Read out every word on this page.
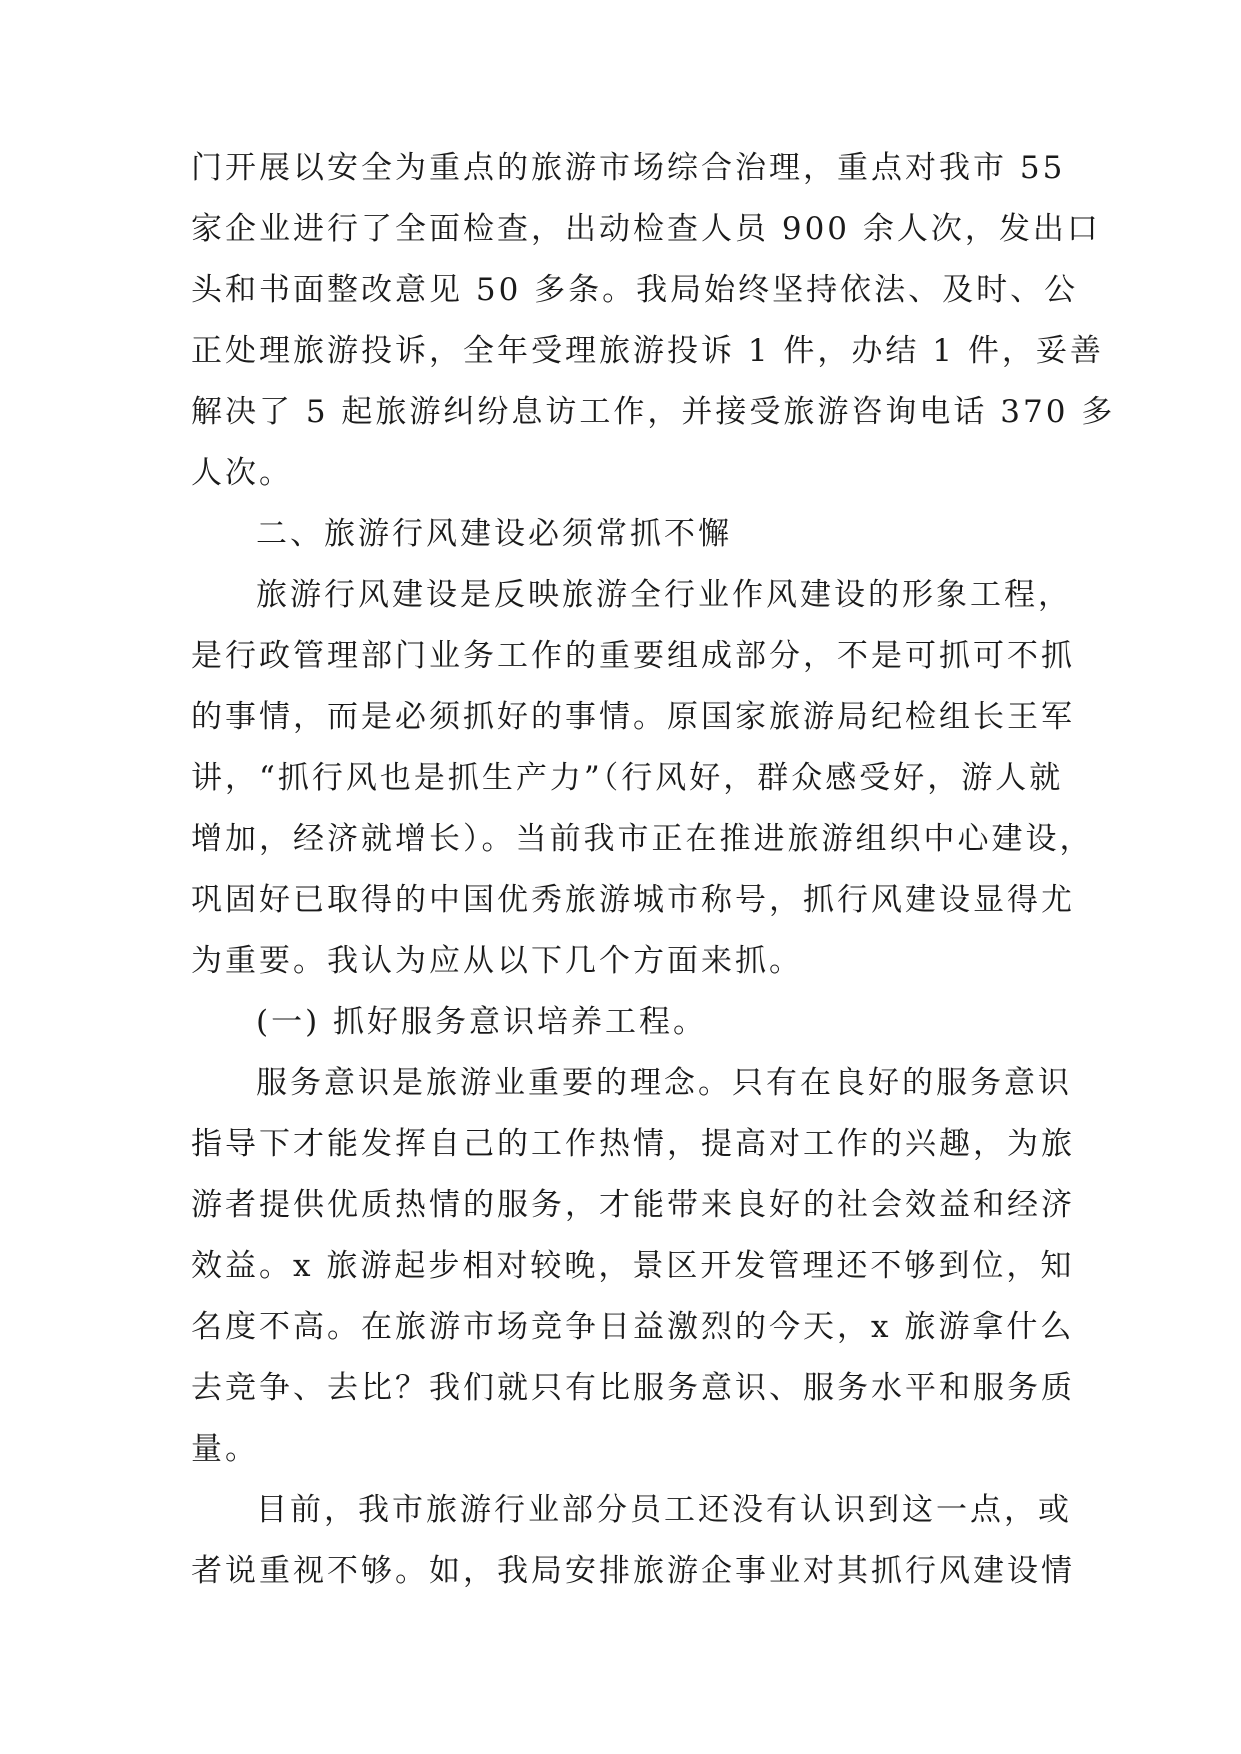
门开展以安全为重点的旅游市场综合治理，重点对我市 55
家企业进行了全面检查，出动检查人员 900 余人次，发出口
头和书面整改意见 50 多条。我局始终坚持依法、及时、公
正处理旅游投诉，全年受理旅游投诉 1 件，办结 1 件，妥善
解决了 5 起旅游纠纷息访工作，并接受旅游咨询电话 370 多
人次。
二、旅游行风建设必须常抓不懈
旅游行风建设是反映旅游全行业作风建设的形象工程，
是行政管理部门业务工作的重要组成部分，不是可抓可不抓
的事情，而是必须抓好的事情。原国家旅游局纪检组长王军
讲，“抓行风也是抓生产力”（行风好，群众感受好，游人就
增加，经济就增长）。当前我市正在推进旅游组织中心建设，
巩固好已取得的中国优秀旅游城市称号，抓行风建设显得尤
为重要。我认为应从以下几个方面来抓。
(一) 抓好服务意识培养工程。
服务意识是旅游业重要的理念。只有在良好的服务意识
指导下才能发挥自己的工作热情，提高对工作的兴趣，为旅
游者提供优质热情的服务，才能带来良好的社会效益和经济
效益。x 旅游起步相对较晚，景区开发管理还不够到位，知
名度不高。在旅游市场竞争日益激烈的今天，x 旅游拿什么
去竞争、去比？我们就只有比服务意识、服务水平和服务质
量。
目前，我市旅游行业部分员工还没有认识到这一点，或
者说重视不够。如，我局安排旅游企事业对其抓行风建设情
